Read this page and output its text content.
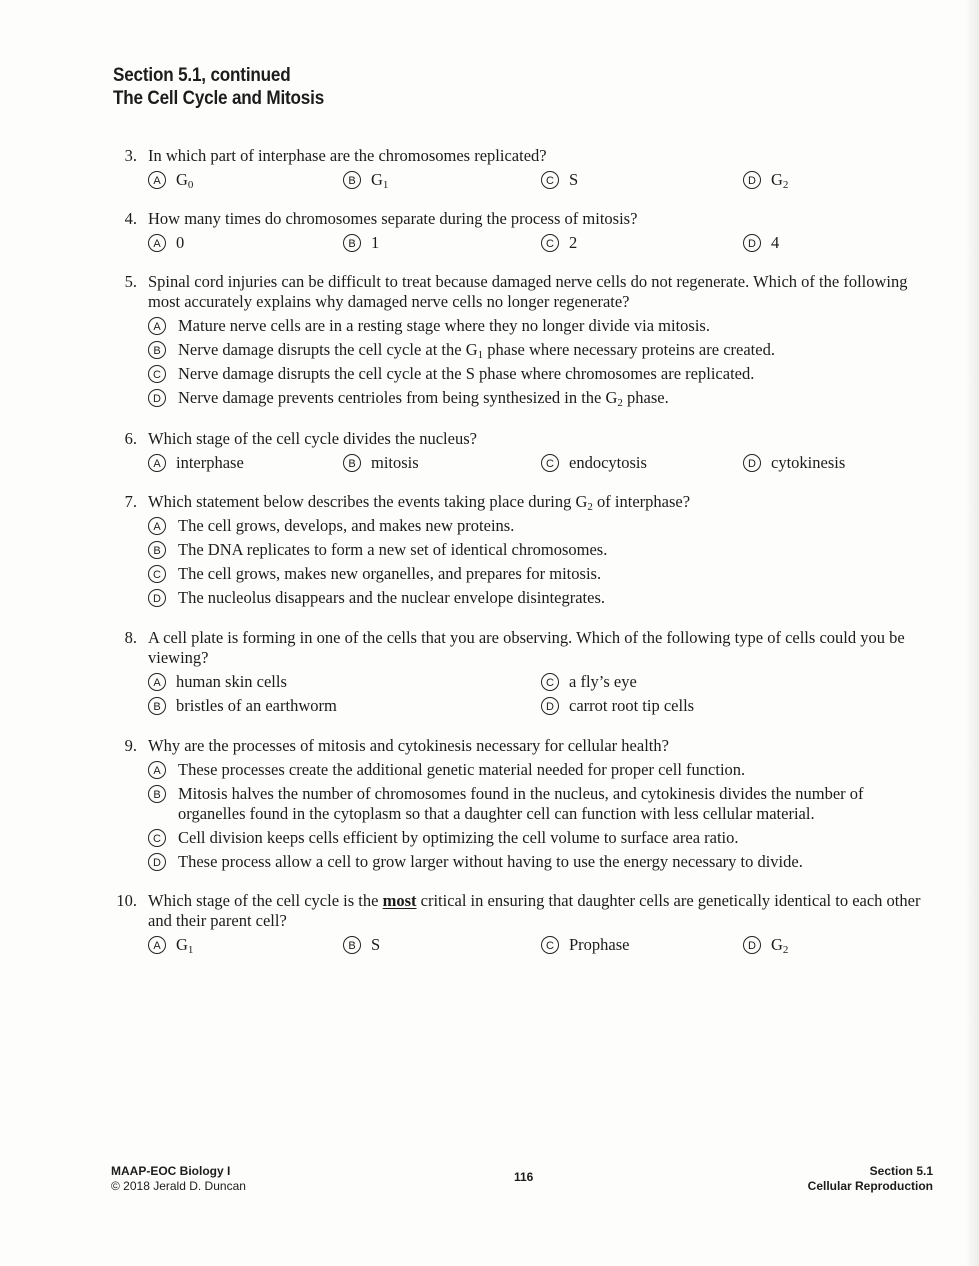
Section 5.1, continued
The Cell Cycle and Mitosis
3. In which part of interphase are the chromosomes replicated?
A $G_0$	B $G_1$	C S	D $G_2$
4. How many times do chromosomes separate during the process of mitosis?
A 0	B 1	C 2	D 4
5. Spinal cord injuries can be difficult to treat because damaged nerve cells do not regenerate. Which of the following most accurately explains why damaged nerve cells no longer regenerate?
A	Mature nerve cells are in a resting stage where they no longer divide via mitosis.
B	Nerve damage disrupts the cell cycle at the $G_1$ phase where necessary proteins are created.
C	Nerve damage disrupts the cell cycle at the S phase where chromosomes are replicated.
D	Nerve damage prevents centrioles from being synthesized in the $G_2$ phase.
6. Which stage of the cell cycle divides the nucleus?
A interphase	B mitosis	C endocytosis	D cytokinesis
7. Which statement below describes the events taking place during $G_2$ of interphase?
A	The cell grows, develops, and makes new proteins.
B	The DNA replicates to form a new set of identical chromosomes.
C	The cell grows, makes new organelles, and prepares for mitosis.
D	The nucleolus disappears and the nuclear envelope disintegrates.
8. A cell plate is forming in one of the cells that you are observing. Which of the following type of cells could you be viewing?
A human skin cells	C a fly’s eye
B bristles of an earthworm	D carrot root tip cells
9. Why are the processes of mitosis and cytokinesis necessary for cellular health?
A	These processes create the additional genetic material needed for proper cell function.
B	Mitosis halves the number of chromosomes found in the nucleus, and cytokinesis divides the number of organelles found in the cytoplasm so that a daughter cell can function with less cellular material.
C	Cell division keeps cells efficient by optimizing the cell volume to surface area ratio.
D	These process allow a cell to grow larger without having to use the energy necessary to divide.
10. Which stage of the cell cycle is the most critical in ensuring that daughter cells are genetically identical to each other and their parent cell?
A $G_1$	B S	C Prophase	D $G_2$
MAAP-EOC Biology I
© 2018 Jerald D. Duncan
116	Section 5.1
Cellular Reproduction
